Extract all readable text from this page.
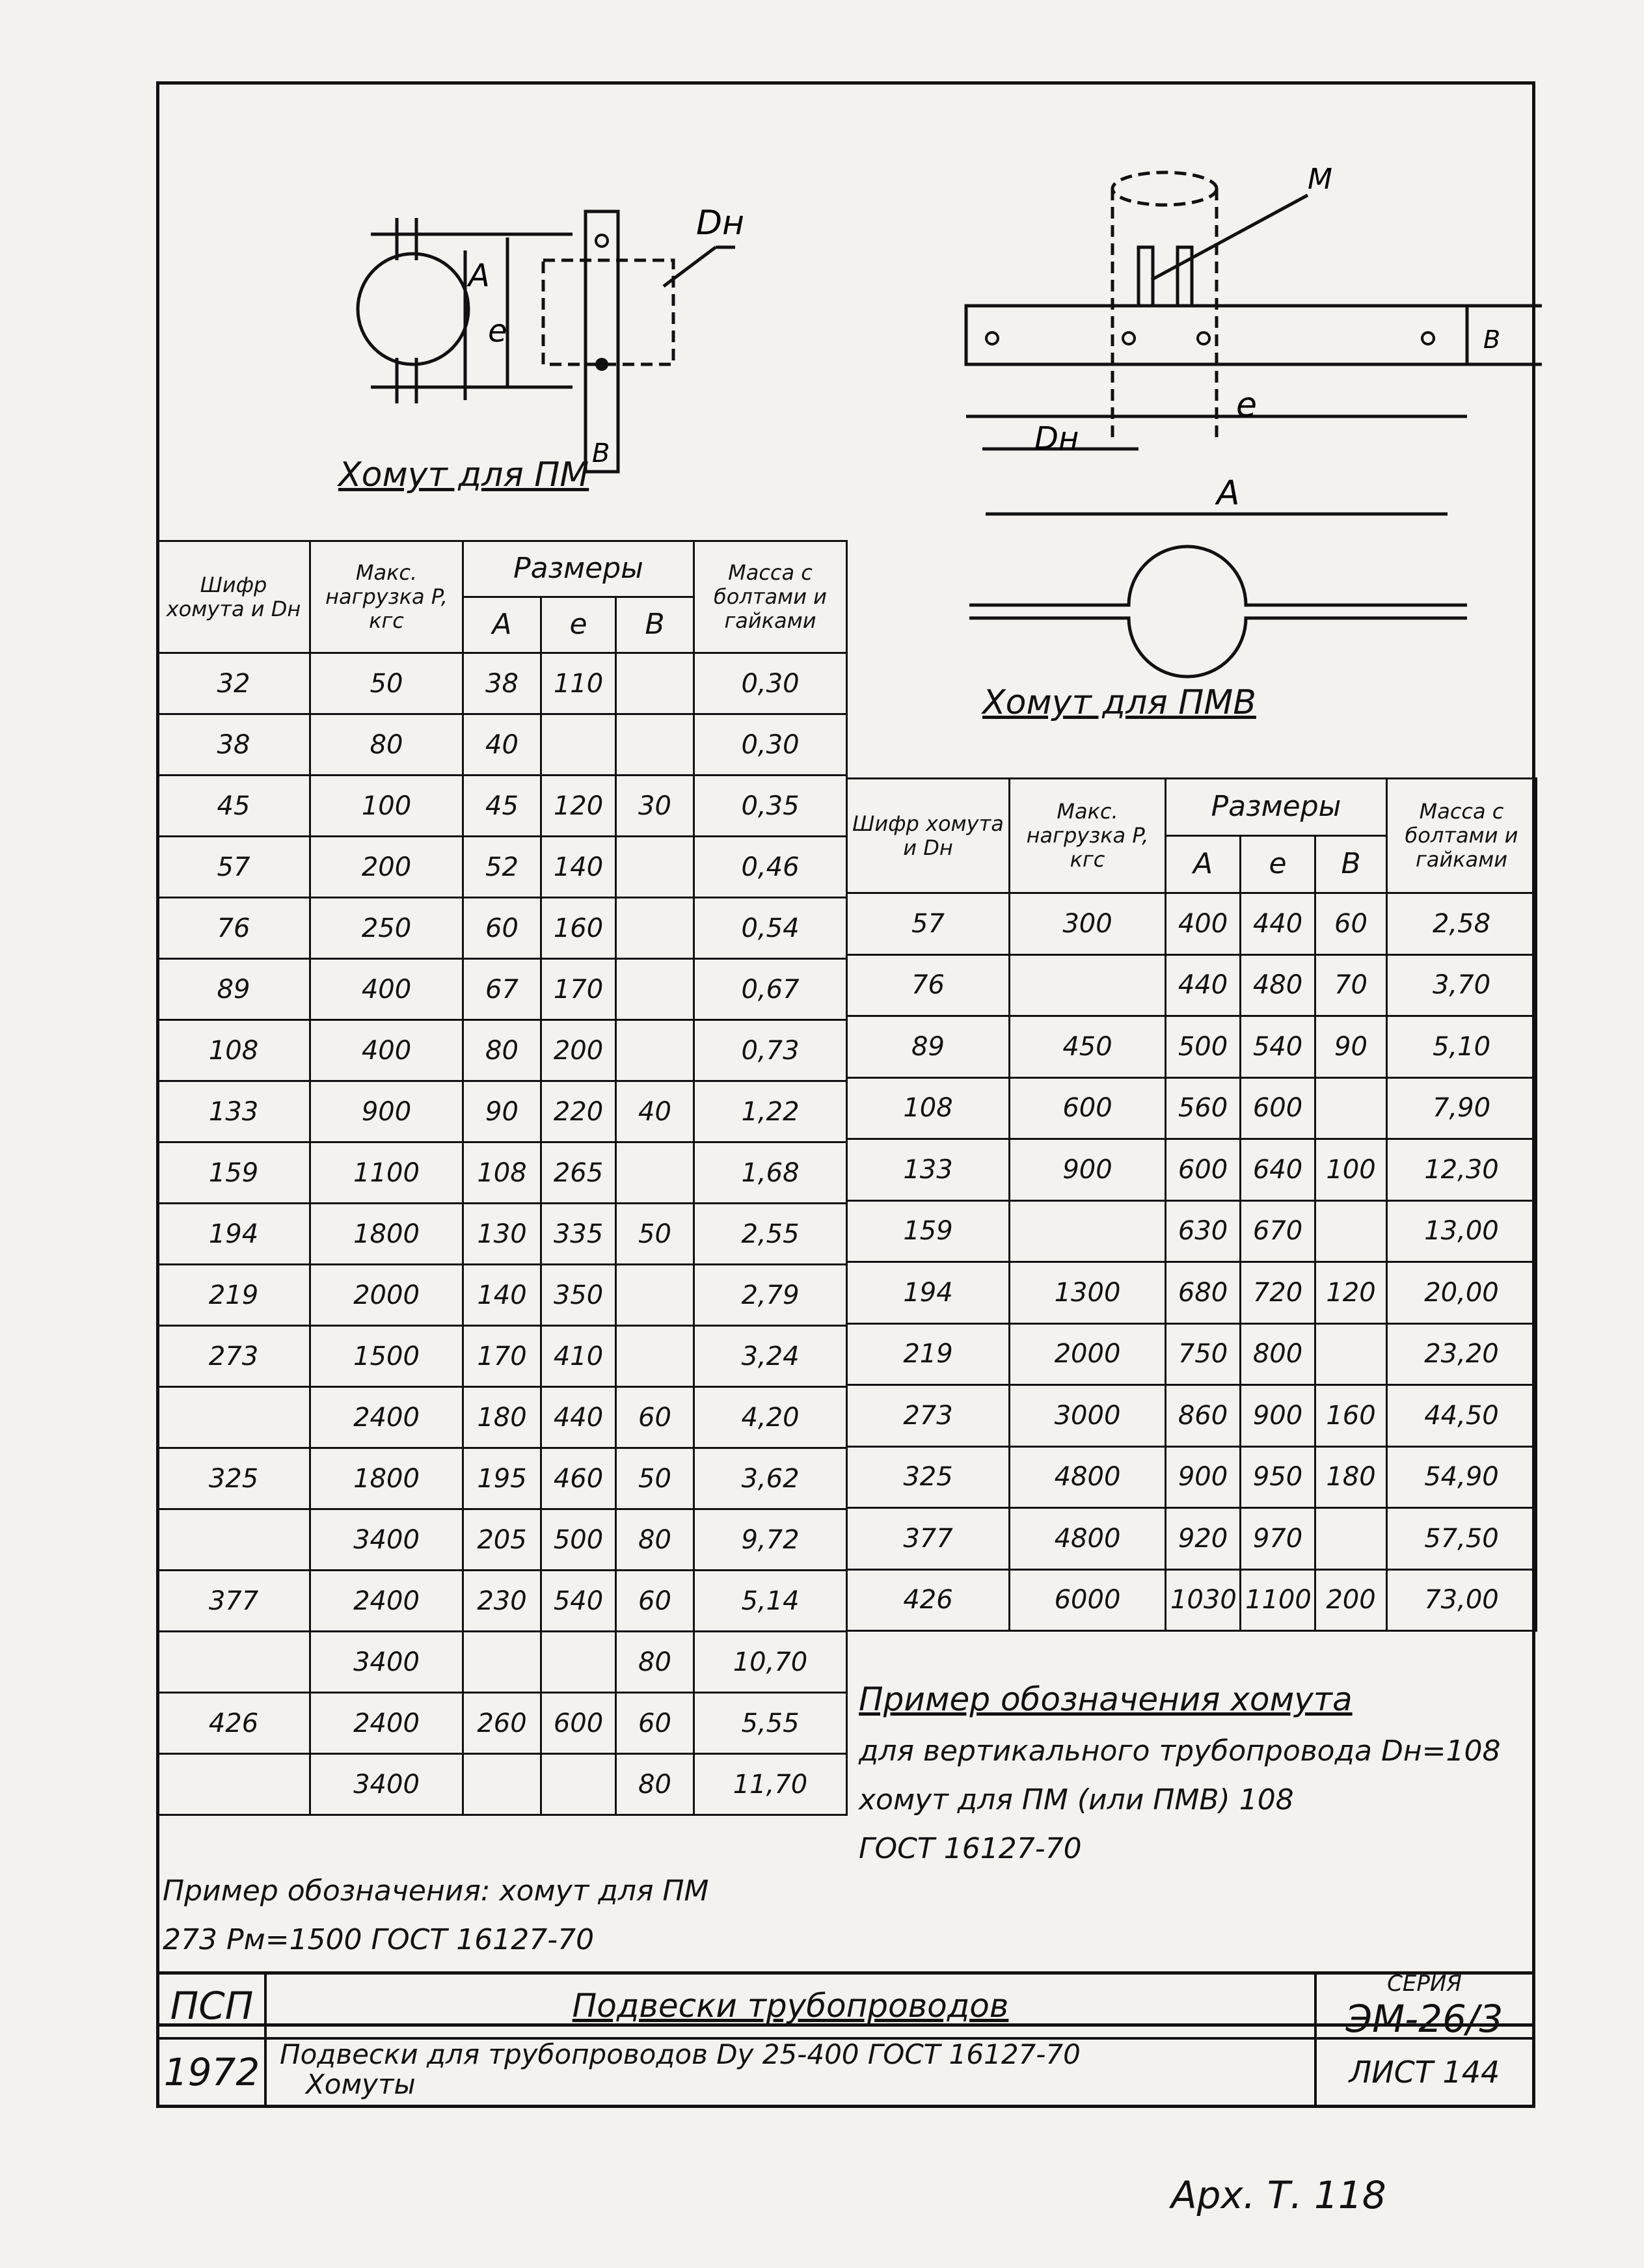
Dн
A
e
B
Хомут для ПМ
M
e
Dн
A
B
Хомут для ПМВ
Шифр хомута и Dн	Макс. нагрузка P, кгс	Размеры			Масса с болтами и гайками
		A	e	B	
32	50	38	110		0,30
38	80	40			0,30
45	100	45	120	30	0,35
57	200	52	140		0,46
76	250	60	160		0,54
89	400	67	170		0,67
108	400	80	200		0,73
133	900	90	220	40	1,22
159	1100	108	265		1,68
194	1800	130	335	50	2,55
219	2000	140	350		2,79
273	1500	170	410		3,24
	2400	180	440	60	4,20
325	1800	195	460	50	3,62
	3400	205	500	80	9,72
377	2400	230	540	60	5,14
	3400			80	10,70
426	2400	260	600	60	5,55
	3400			80	11,70
Шифр хомута и Dн	Макс. нагрузка P, кгс	Размеры			Масса с болтами и гайками
		A	e	B	
57	300	400	440	60	2,58
76		440	480	70	3,70
89	450	500	540	90	5,10
108	600	560	600		7,90
133	900	600	640	100	12,30
159		630	670		13,00
194	1300	680	720	120	20,00
219	2000	750	800		23,20
273	3000	860	900	160	44,50
325	4800	900	950	180	54,90
377	4800	920	970		57,50
426	6000	1030	1100	200	73,00
Пример обозначения хомута
для вертикального трубопровода Dн=108
хомут для ПМ (или ПМВ) 108
ГОСТ 16127-70
Пример обозначения: хомут для ПМ
273 Pм=1500 ГОСТ 16127-70
ПСП
1972
Подвески трубопроводов
Подвески для трубопроводов Dу 25-400 ГОСТ 16127-70
Хомуты
СЕРИЯ
ЭМ-26/3
ЛИСТ 144
Арх. Т. 118
